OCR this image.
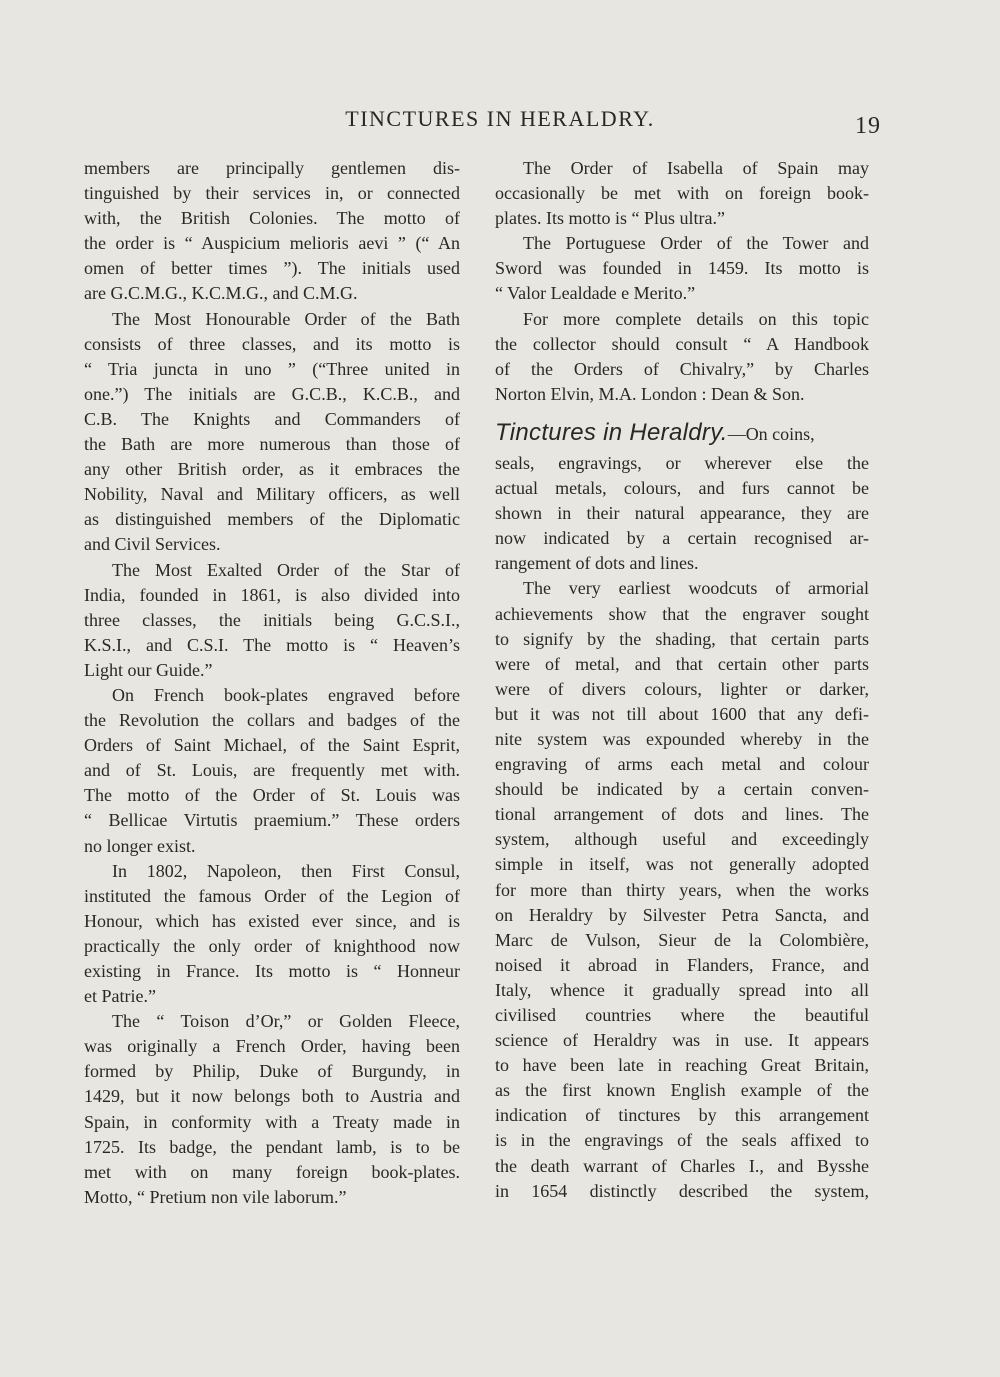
TINCTURES IN HERALDRY.	19
members are principally gentlemen dis-
tinguished by their services in, or connected
with, the British Colonies. The motto of
the order is “ Auspicium melioris aevi ” (“ An
omen of better times ”). The initials used
are G.C.M.G., K.C.M.G., and C.M.G.
The Most Honourable Order of the Bath
consists of three classes, and its motto is
“ Tria juncta in uno ” (“Three united in
one.”) The initials are G.C.B., K.C.B., and
C.B. The Knights and Commanders of
the Bath are more numerous than those of
any other British order, as it embraces the
Nobility, Naval and Military officers, as well
as distinguished members of the Diplomatic
and Civil Services.
The Most Exalted Order of the Star of
India, founded in 1861, is also divided into
three classes, the initials being G.C.S.I.,
K.S.I., and C.S.I. The motto is “ Heaven’s
Light our Guide.”
On French book-plates engraved before
the Revolution the collars and badges of the
Orders of Saint Michael, of the Saint Esprit,
and of St. Louis, are frequently met with.
The motto of the Order of St. Louis was
“ Bellicae Virtutis praemium.” These orders
no longer exist.
In 1802, Napoleon, then First Consul,
instituted the famous Order of the Legion of
Honour, which has existed ever since, and is
practically the only order of knighthood now
existing in France. Its motto is “ Honneur
et Patrie.”
The “ Toison d’Or,” or Golden Fleece,
was originally a French Order, having been
formed by Philip, Duke of Burgundy, in
1429, but it now belongs both to Austria and
Spain, in conformity with a Treaty made in
1725. Its badge, the pendant lamb, is to be
met with on many foreign book-plates.
Motto, “ Pretium non vile laborum.”
The Order of Isabella of Spain may
occasionally be met with on foreign book-
plates. Its motto is “ Plus ultra.”
The Portuguese Order of the Tower and
Sword was founded in 1459. Its motto is
“ Valor Lealdade e Merito.”
For more complete details on this topic
the collector should consult “ A Handbook
of the Orders of Chivalry,” by Charles
Norton Elvin, M.A. London : Dean & Son.
Tinctures in Heraldry.—On coins,
seals, engravings, or wherever else the
actual metals, colours, and furs cannot be
shown in their natural appearance, they are
now indicated by a certain recognised ar-
rangement of dots and lines.
The very earliest woodcuts of armorial
achievements show that the engraver sought
to signify by the shading, that certain parts
were of metal, and that certain other parts
were of divers colours, lighter or darker,
but it was not till about 1600 that any defi-
nite system was expounded whereby in the
engraving of arms each metal and colour
should be indicated by a certain conven-
tional arrangement of dots and lines. The
system, although useful and exceedingly
simple in itself, was not generally adopted
for more than thirty years, when the works
on Heraldry by Silvester Petra Sancta, and
Marc de Vulson, Sieur de la Colombière,
noised it abroad in Flanders, France, and
Italy, whence it gradually spread into all
civilised countries where the beautiful
science of Heraldry was in use. It appears
to have been late in reaching Great Britain,
as the first known English example of the
indication of tinctures by this arrangement
is in the engravings of the seals affixed to
the death warrant of Charles I., and Bysshe
in 1654 distinctly described the system,
